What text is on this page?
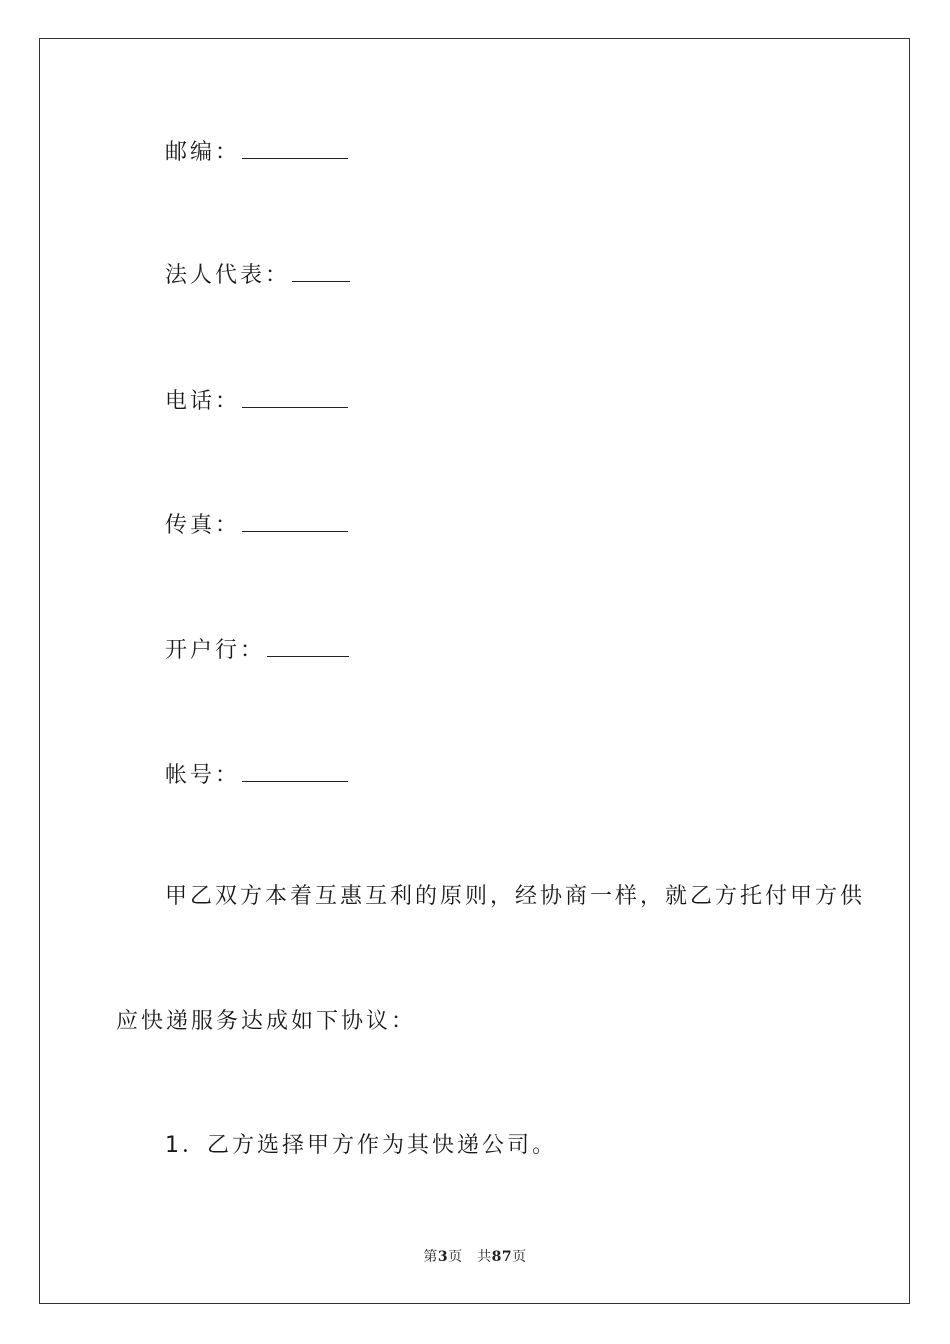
邮编：
法人代表：
电话：
传真：
开户行：
帐号：
甲乙双方本着互惠互利的原则，经协商一样，就乙方托付甲方供
应快递服务达成如下协议：
1．乙方选择甲方作为其快递公司。
第3页　共87页
